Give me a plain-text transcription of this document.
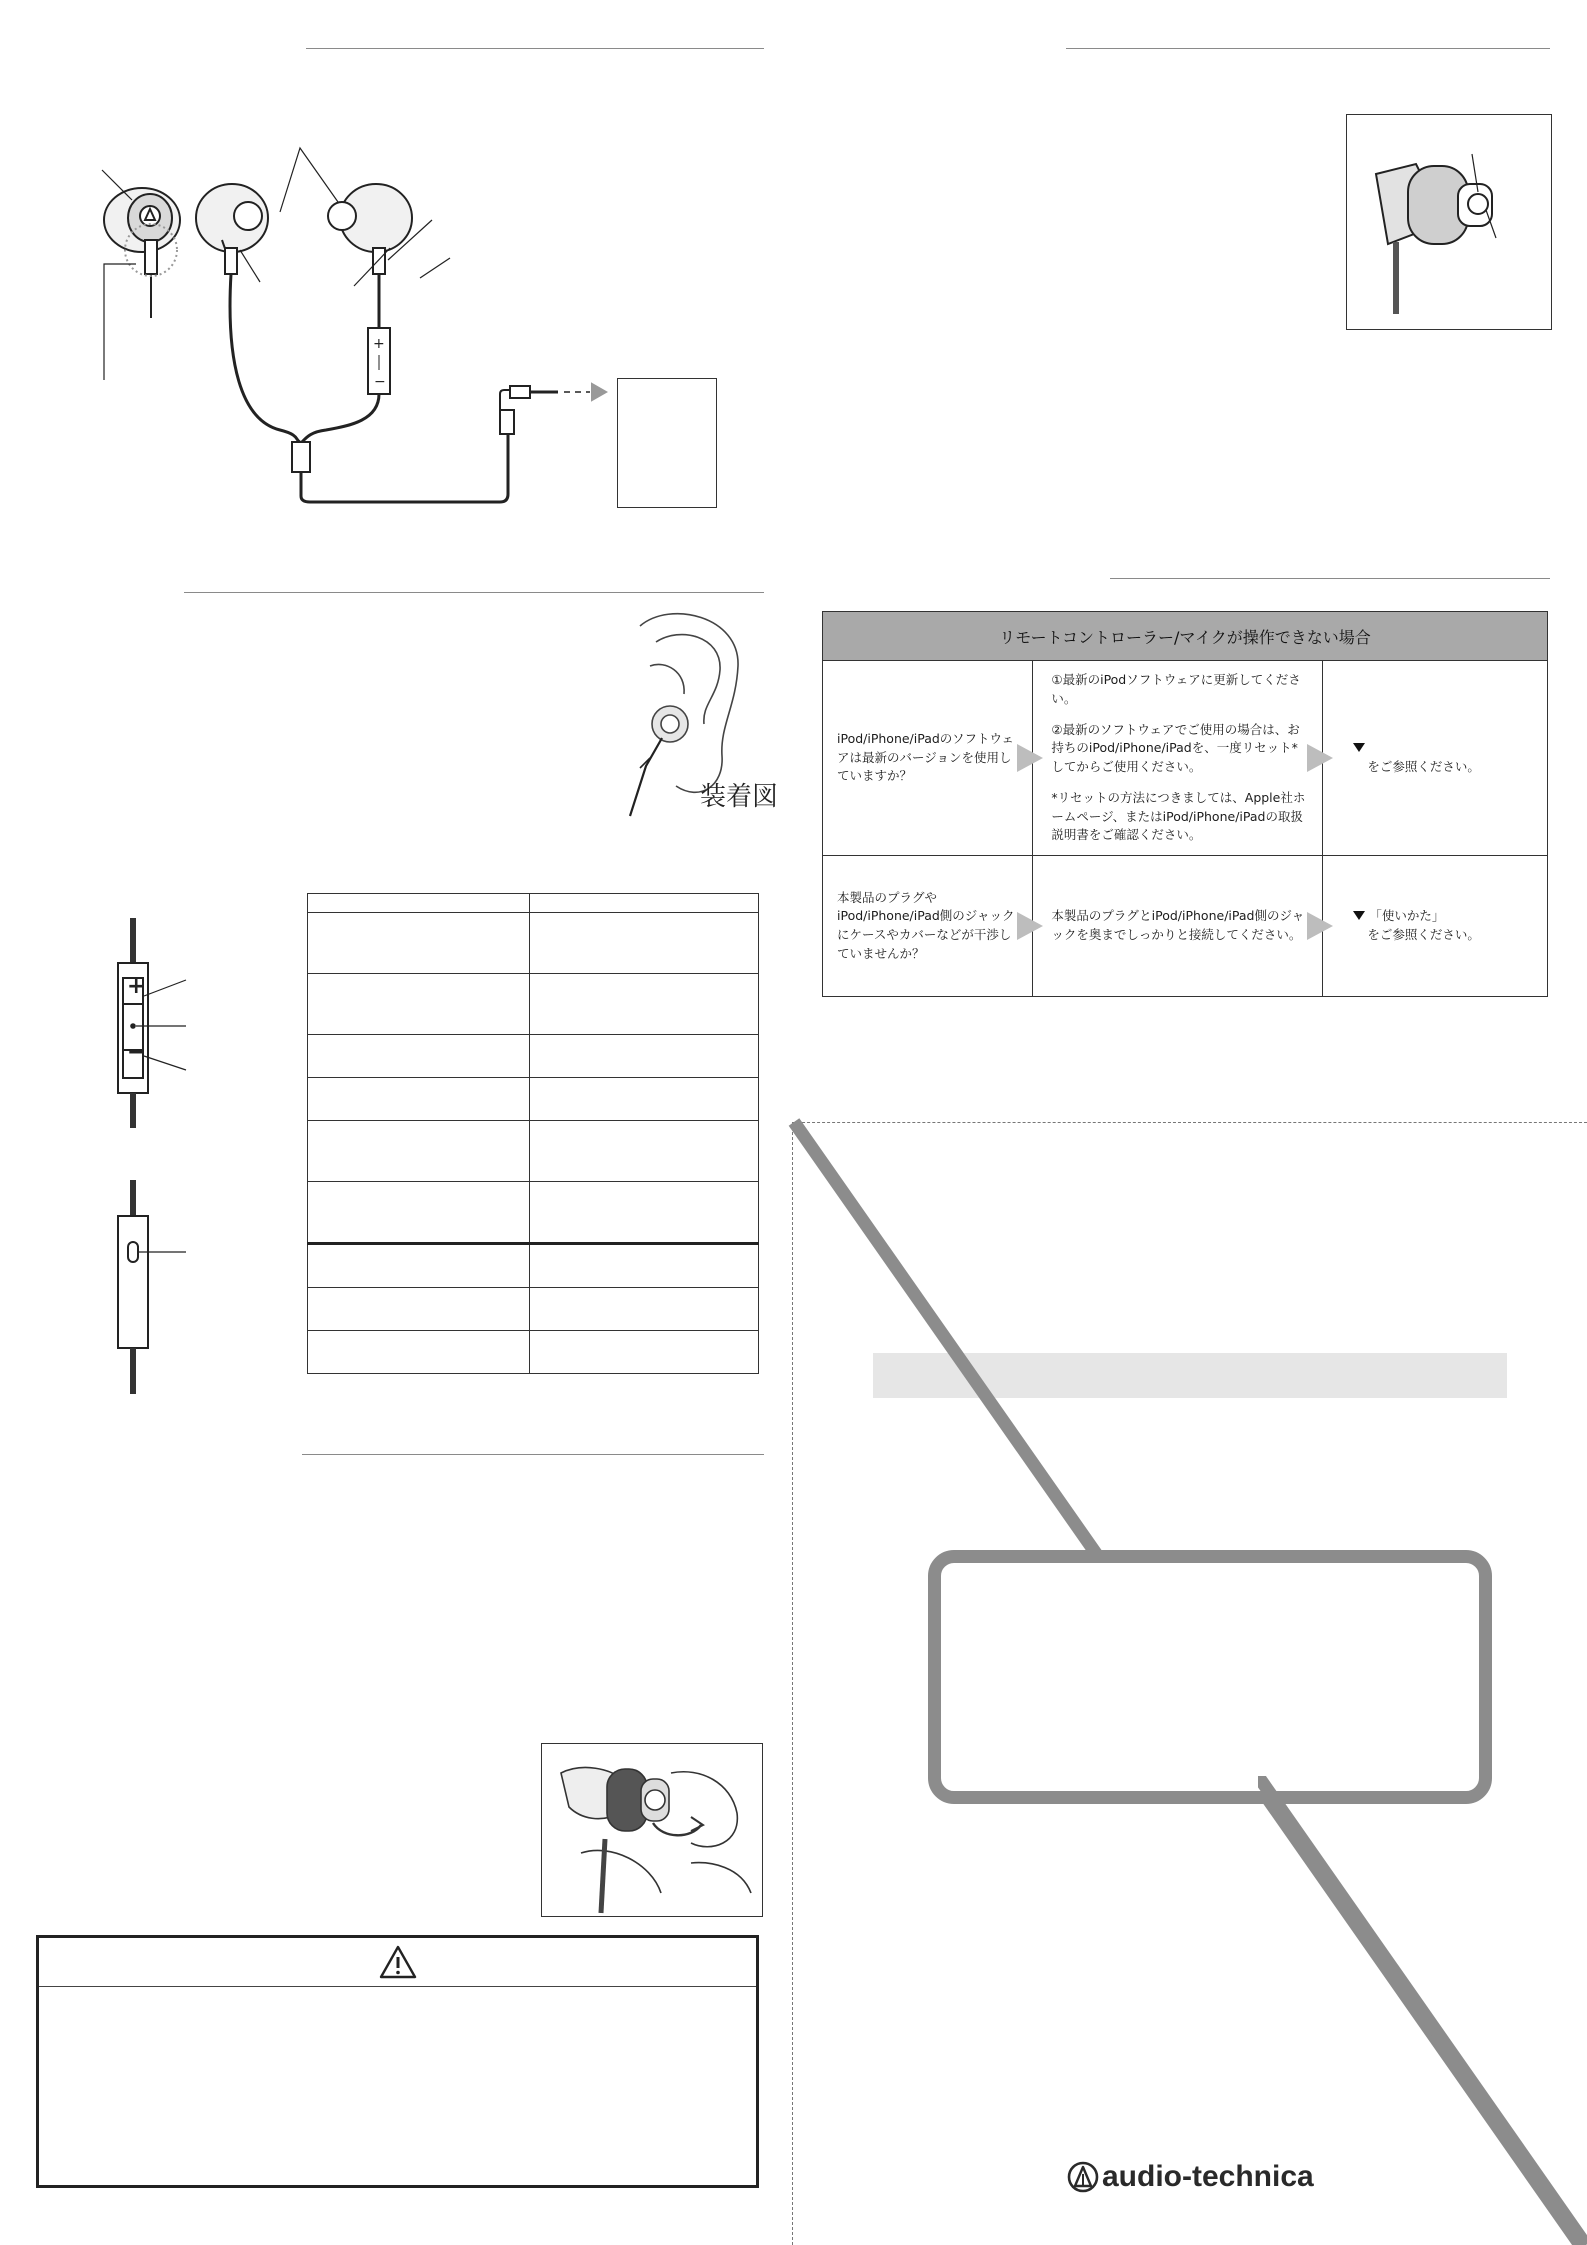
+
−
装着図
+
−

リモートコントローラー/マイクが操作できない場合		
iPod/iPhone/iPadのソフトウェアは最新のバージョンを使用していますか？	①最新のiPodソフトウェアに更新してください。
②最新のソフトウェアでご使用の場合は、お持ちのiPod/iPhone/iPadを、一度リセット*してからご使用ください。
*リセットの方法につきましては、Apple社ホームページ、またはiPod/iPhone/iPadの取扱説明書をご確認ください。	をご参照ください。

本製品のプラグやiPod/iPhone/iPad側のジャックにケースやカバーなどが干渉していませんか？	本製品のプラグとiPod/iPhone/iPad側のジャックを奥までしっかりと接続してください。	「使いかた」
をご参照ください。
audio-technica
